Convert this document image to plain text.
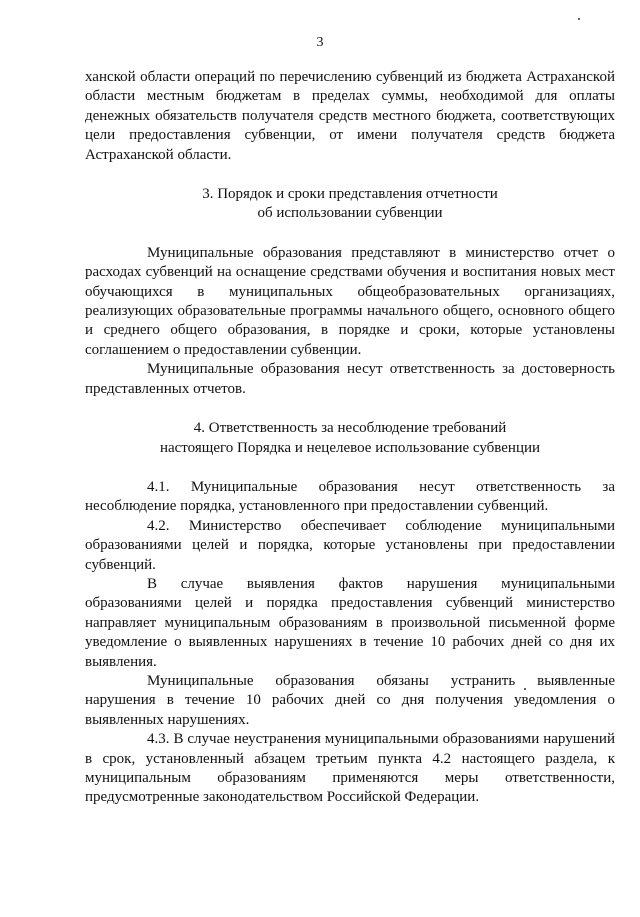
3

ханской области операций по перечислению субвенций из бюджета Астраханской области местным бюджетам в пределах суммы, необходимой для оплаты денежных обязательств получателя средств местного бюджета, соответствующих цели предоставления субвенции, от имени получателя средств бюджета Астраханской области.

3. Порядок и сроки представления отчетности
об использовании субвенции

Муниципальные образования представляют в министерство отчет о расходах субвенций на оснащение средствами обучения и воспитания новых мест обучающихся в муниципальных общеобразовательных организациях, реализующих образовательные программы начального общего, основного общего и среднего общего образования, в порядке и сроки, которые установлены соглашением о предоставлении субвенции.

Муниципальные образования несут ответственность за достоверность представленных отчетов.

4. Ответственность за несоблюдение требований
настоящего Порядка и нецелевое использование субвенции

4.1. Муниципальные образования несут ответственность за несоблюдение порядка, установленного при предоставлении субвенций.

4.2. Министерство обеспечивает соблюдение муниципальными образованиями целей и порядка, которые установлены при предоставлении субвенций.

В случае выявления фактов нарушения муниципальными образованиями целей и порядка предоставления субвенций министерство направляет муниципальным образованиям в произвольной письменной форме уведомление о выявленных нарушениях в течение 10 рабочих дней со дня их выявления.

Муниципальные образования обязаны устранить выявленные нарушения в течение 10 рабочих дней со дня получения уведомления о выявленных нарушениях.

4.3. В случае неустранения муниципальными образованиями нарушений в срок, установленный абзацем третьим пункта 4.2 настоящего раздела, к муниципальным образованиям применяются меры ответственности, предусмотренные законодательством Российской Федерации.
